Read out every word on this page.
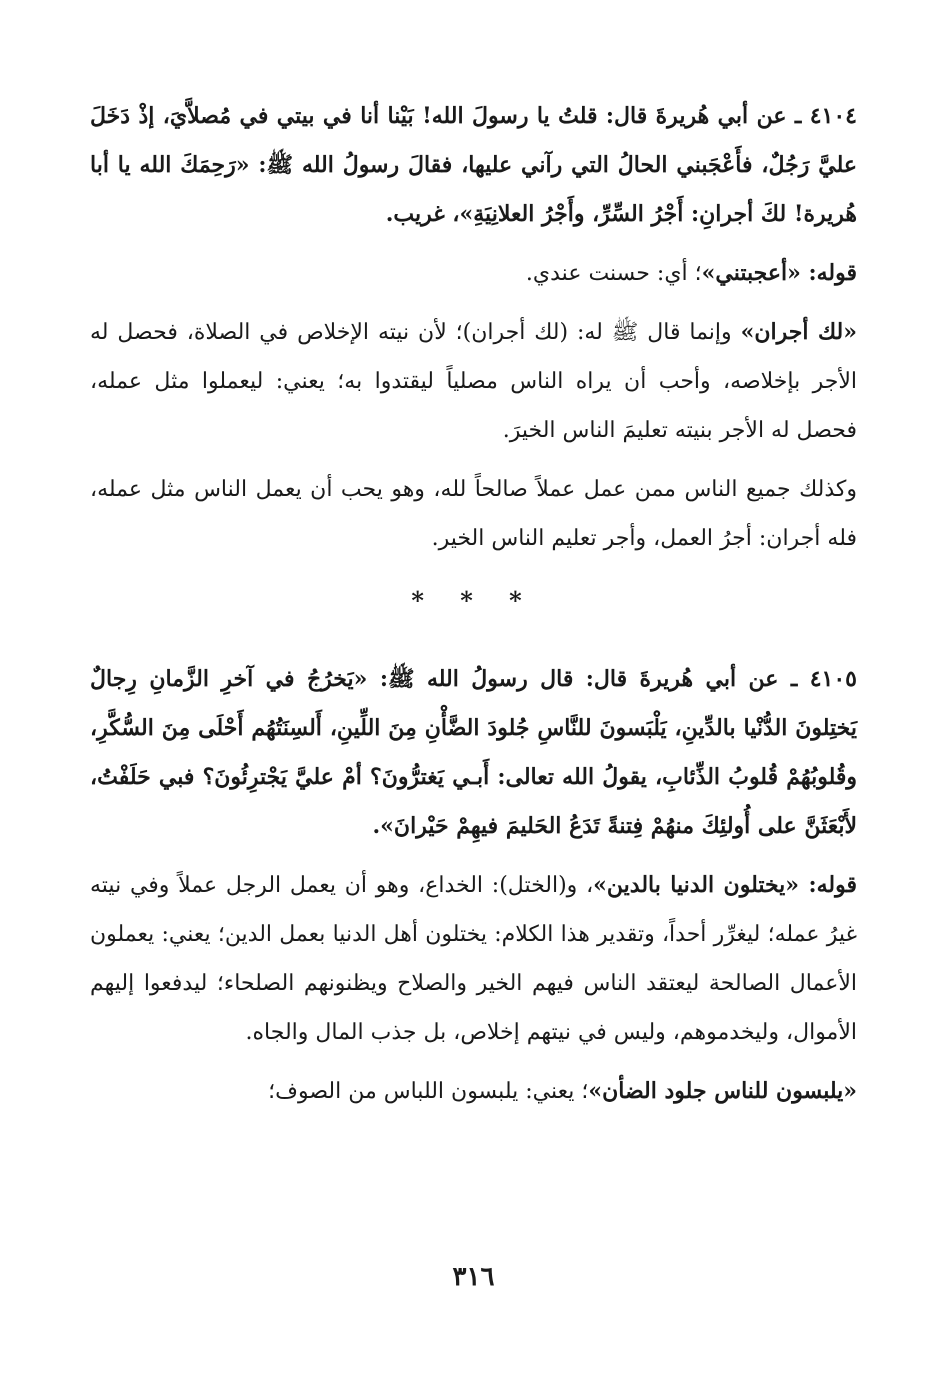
٤١٠٤ ـ عن أبي هُريرةَ قال: قلتُ يا رسولَ الله! بَيْنا أنا في بيتي في مُصلاَّيَ، إذْ دَخَلَ عليَّ رَجُلٌ، فأَعْجَبني الحالُ التي رآني عليها، فقالَ رسولُ الله ﷺ: «رَحِمَكَ الله يا أبا هُريرة! لكَ أجرانِ: أَجْرُ السِّرِّ، وأَجْرُ العلانِيَةِ»، غريب.

قوله: «أعجبتني»؛ أي: حسنت عندي.

«لك أجران» وإنما قال ﷺ له: (لك أجران)؛ لأن نيته الإخلاص في الصلاة، فحصل له الأجر بإخلاصه، وأحب أن يراه الناس مصلياً ليقتدوا به؛ يعني: ليعملوا مثل عمله، فحصل له الأجر بنيته تعليمَ الناس الخيرَ.

وكذلك جميع الناس ممن عمل عملاً صالحاً لله، وهو يحب أن يعمل الناس مثل عمله، فله أجران: أجرُ العمل، وأجر تعليم الناس الخير.

* * *

٤١٠٥ ـ عن أبي هُريرةَ قال: قال رسولُ الله ﷺ: «يَخرُجُ في آخرِ الزَّمانِ رِجالٌ يَختِلونَ الدُّنْيا بالدِّينِ، يَلْبَسونَ للنَّاسِ جُلودَ الضَّأْنِ مِنَ اللِّينِ، أَلسِنَتُهُم أَحْلَى مِنَ السُّكَّرِ، وقُلوبُهُمْ قُلوبُ الذِّئابِ، يقولُ الله تعالى: أَبـي يَغترُّونَ؟ أمْ عليَّ يَجْترِئُونَ؟ فبي حَلَفْتُ، لأَبْعَثَنَّ على أُولئِكَ منهُمْ فِتنةً تَدَعُ الحَليمَ فيهِمْ حَيْرانَ».

قوله: «يختلون الدنيا بالدين»، و(الختل): الخداع، وهو أن يعمل الرجل عملاً وفي نيته غيرُ عمله؛ ليغرِّر أحداً، وتقدير هذا الكلام: يختلون أهل الدنيا بعمل الدين؛ يعني: يعملون الأعمال الصالحة ليعتقد الناس فيهم الخير والصلاح ويظنونهم الصلحاء؛ ليدفعوا إليهم الأموال، وليخدموهم، وليس في نيتهم إخلاص، بل جذب المال والجاه.

«يلبسون للناس جلود الضأن»؛ يعني: يلبسون اللباس من الصوف؛

٣١٦
